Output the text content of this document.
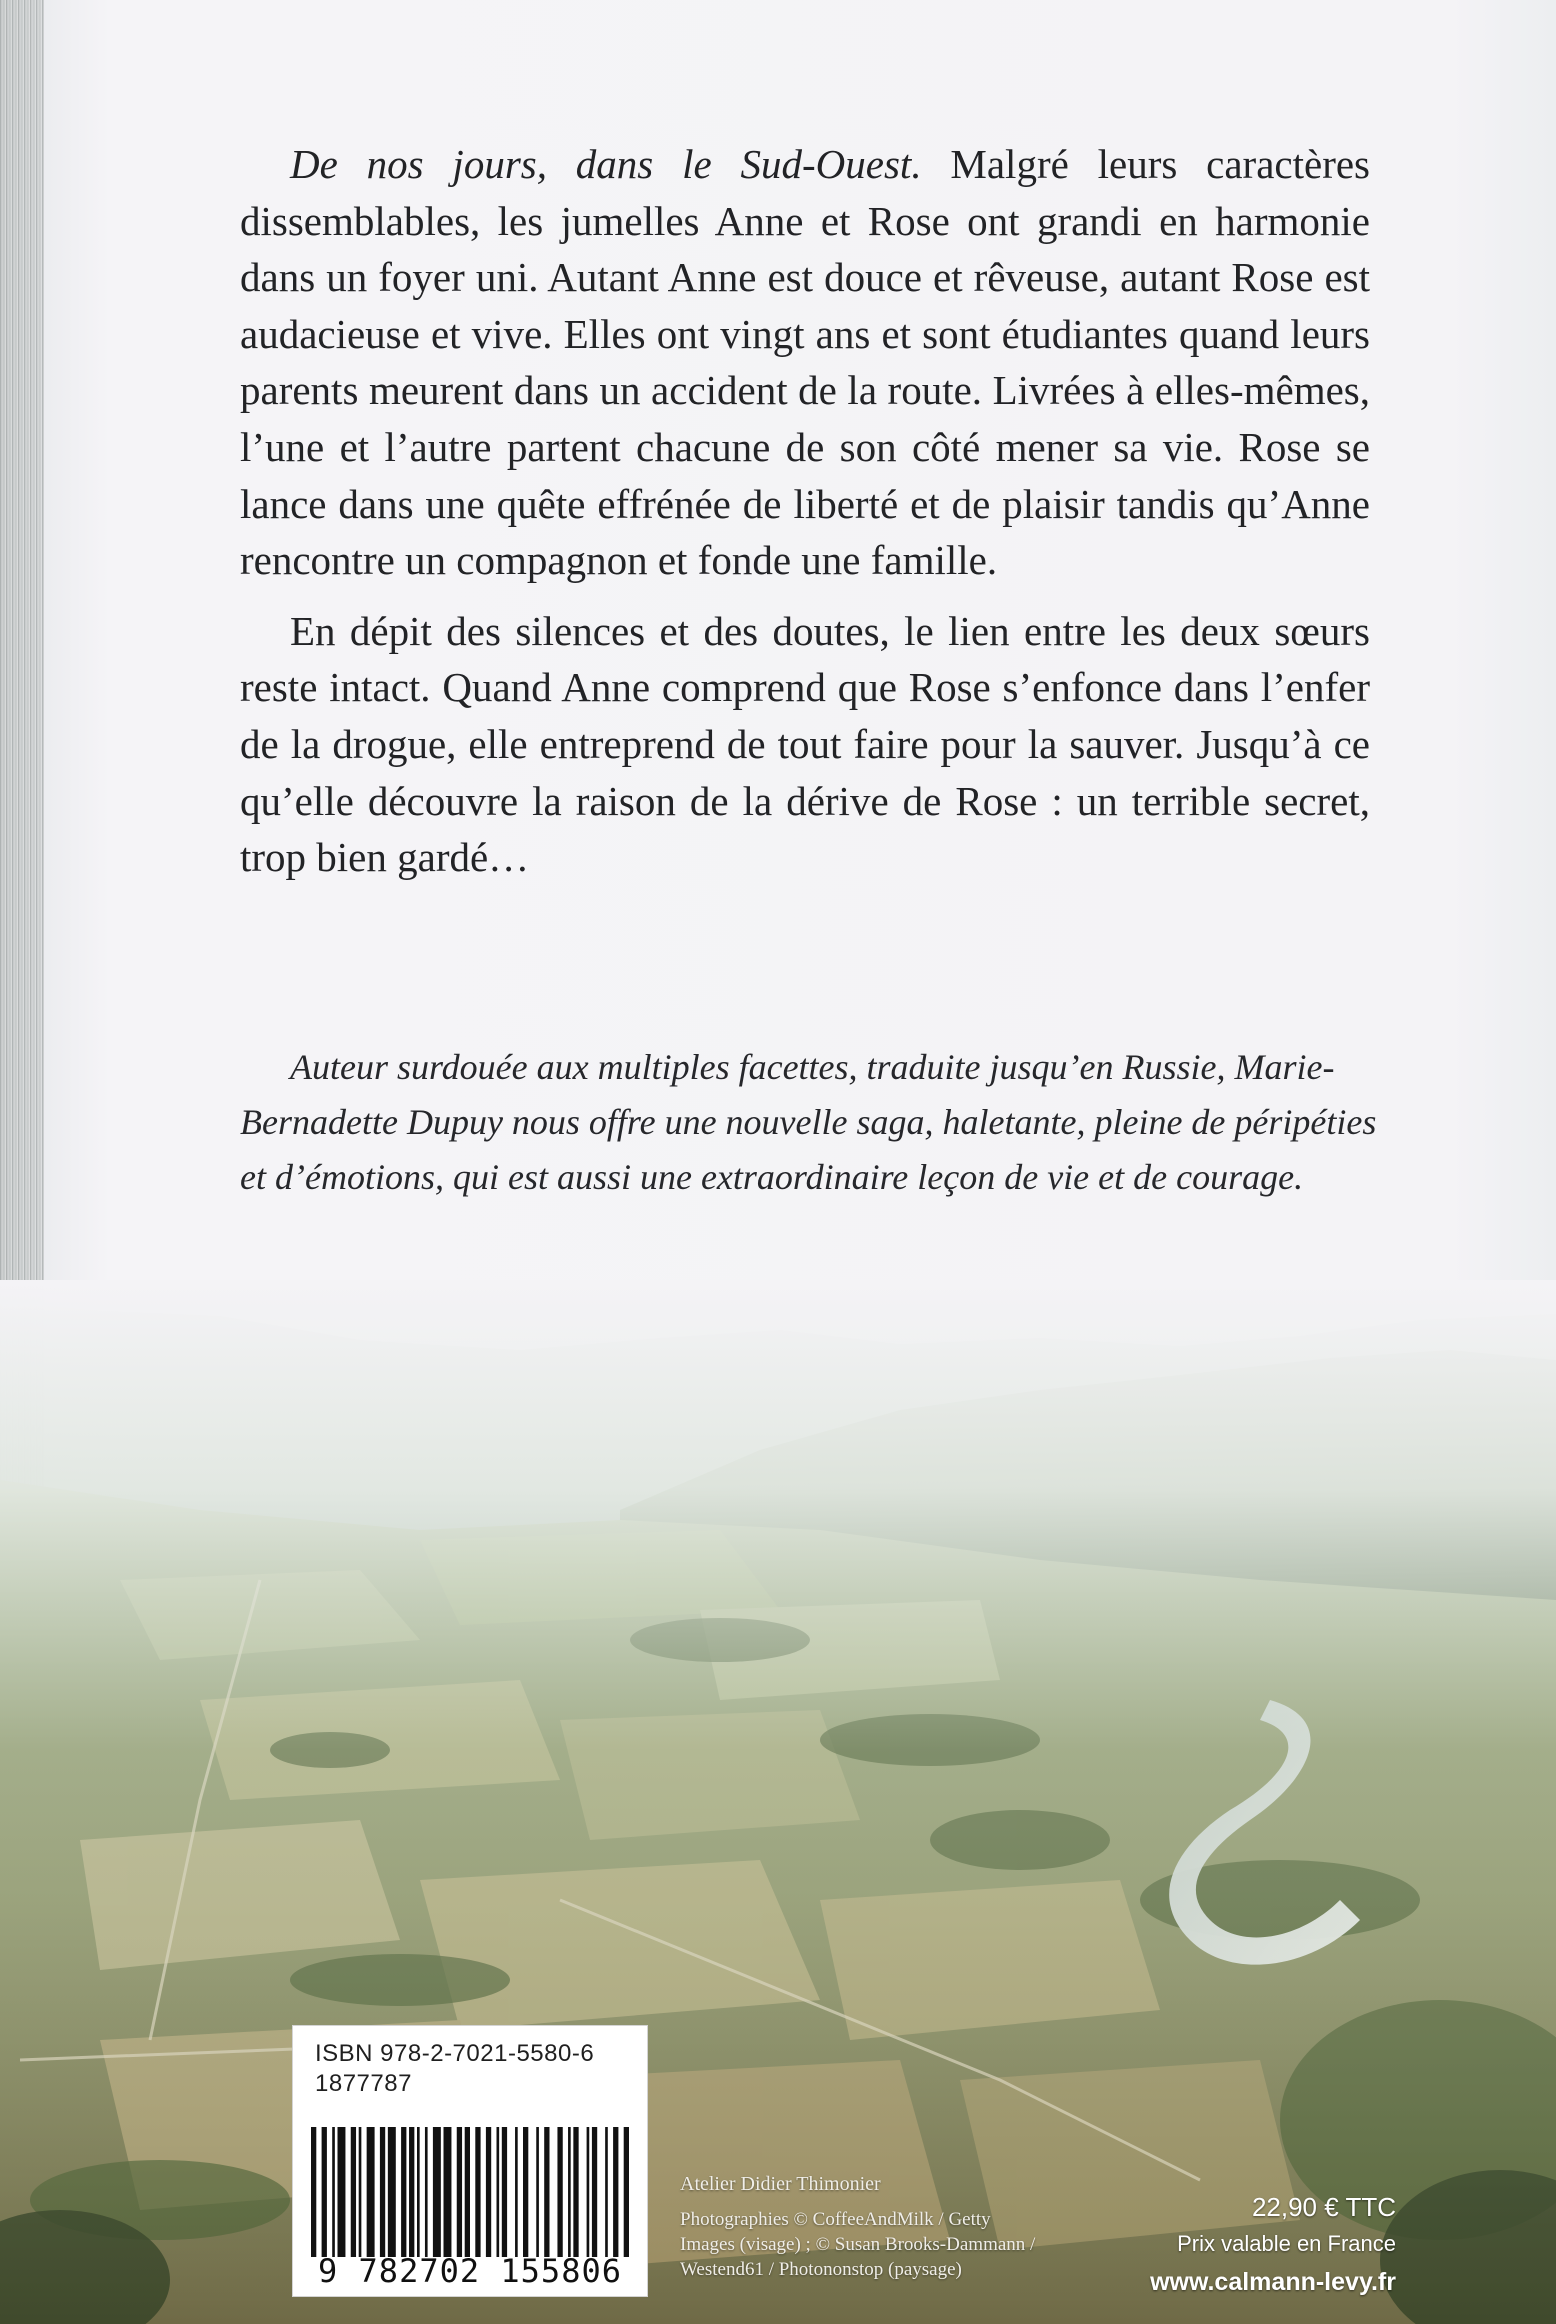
De nos jours, dans le Sud-Ouest. Malgré leurs caractères dissemblables, les jumelles Anne et Rose ont grandi en harmonie dans un foyer uni. Autant Anne est douce et rêveuse, autant Rose est audacieuse et vive. Elles ont vingt ans et sont étudiantes quand leurs parents meurent dans un accident de la route. Livrées à elles-mêmes, l’une et l’autre partent chacune de son côté mener sa vie. Rose se lance dans une quête effrénée de liberté et de plaisir tandis qu’Anne rencontre un compagnon et fonde une famille.

En dépit des silences et des doutes, le lien entre les deux sœurs reste intact. Quand Anne comprend que Rose s’enfonce dans l’enfer de la drogue, elle entreprend de tout faire pour la sauver. Jusqu’à ce qu’elle découvre la raison de la dérive de Rose : un terrible secret, trop bien gardé…

Auteur surdouée aux multiples facettes, traduite jusqu’en Russie, Marie-Bernadette Dupuy nous offre une nouvelle saga, haletante, pleine de péripéties et d’émotions, qui est aussi une extraordinaire leçon de vie et de courage.

ISBN 978-2-7021-5580-6
1877787
9 782702 155806
Atelier Didier Thimonier
Photographies © CoffeeAndMilk / Getty
Images (visage) ; © Susan Brooks-Dammann /
Westend61 / Photononstop (paysage)
22,90 € TTC
Prix valable en France
www.calmann-levy.fr
